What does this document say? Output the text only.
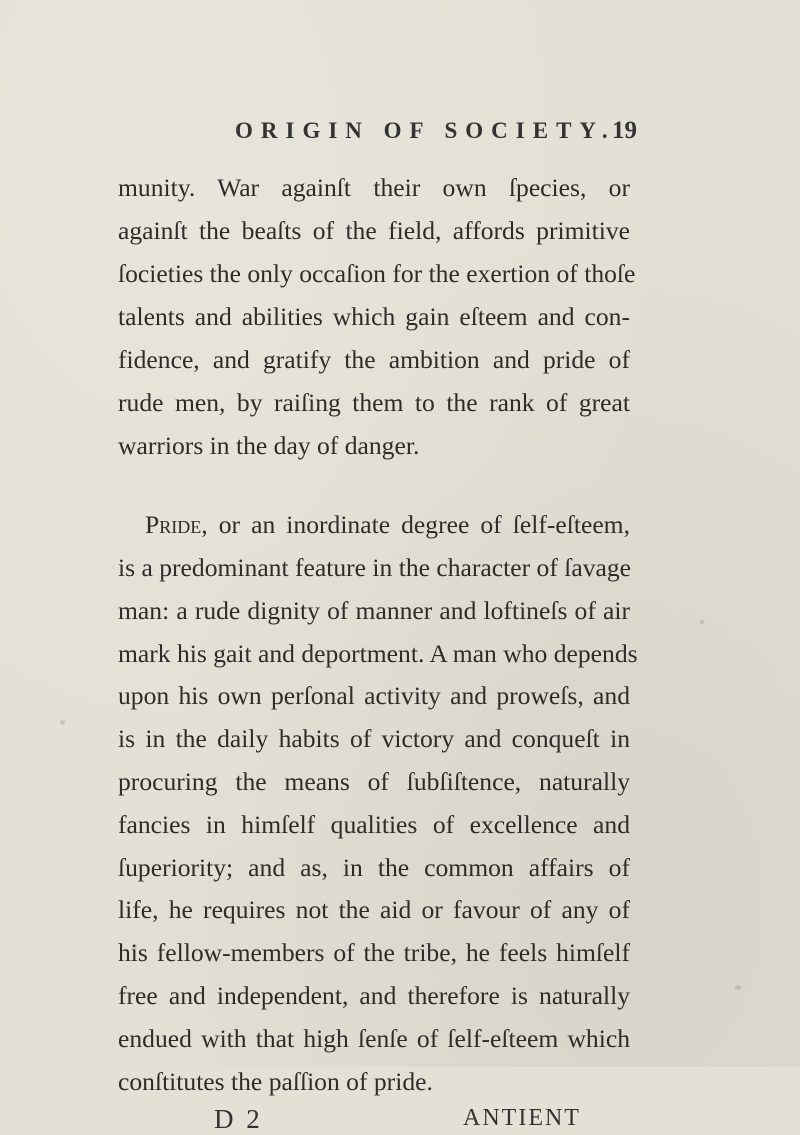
ORIGIN OF SOCIETY.
19
munity. War againſt their own ſpecies, or
againſt the beaſts of the field, affords primitive
ſocieties the only occaſion for the exertion of thoſe
talents and abilities which gain eſteem and con-
fidence, and gratify the ambition and pride of
rude men, by raiſing them to the rank of great
warriors in the day of danger.
Pride, or an inordinate degree of ſelf-eſteem,
D 2	ANTIENT
is a predominant feature in the character of ſavage
man: a rude dignity of manner and loftineſs of air
mark his gait and deportment. A man who depends
upon his own perſonal activity and proweſs, and
is in the daily habits of victory and conqueſt in
procuring the means of ſubſiſtence, naturally
fancies in himſelf qualities of excellence and
ſuperiority; and as, in the common affairs of
life, he requires not the aid or favour of any of
his fellow-members of the tribe, he feels himſelf
free and independent, and therefore is naturally
endued with that high ſenſe of ſelf-eſteem which
conſtitutes the paſſion of pride.
